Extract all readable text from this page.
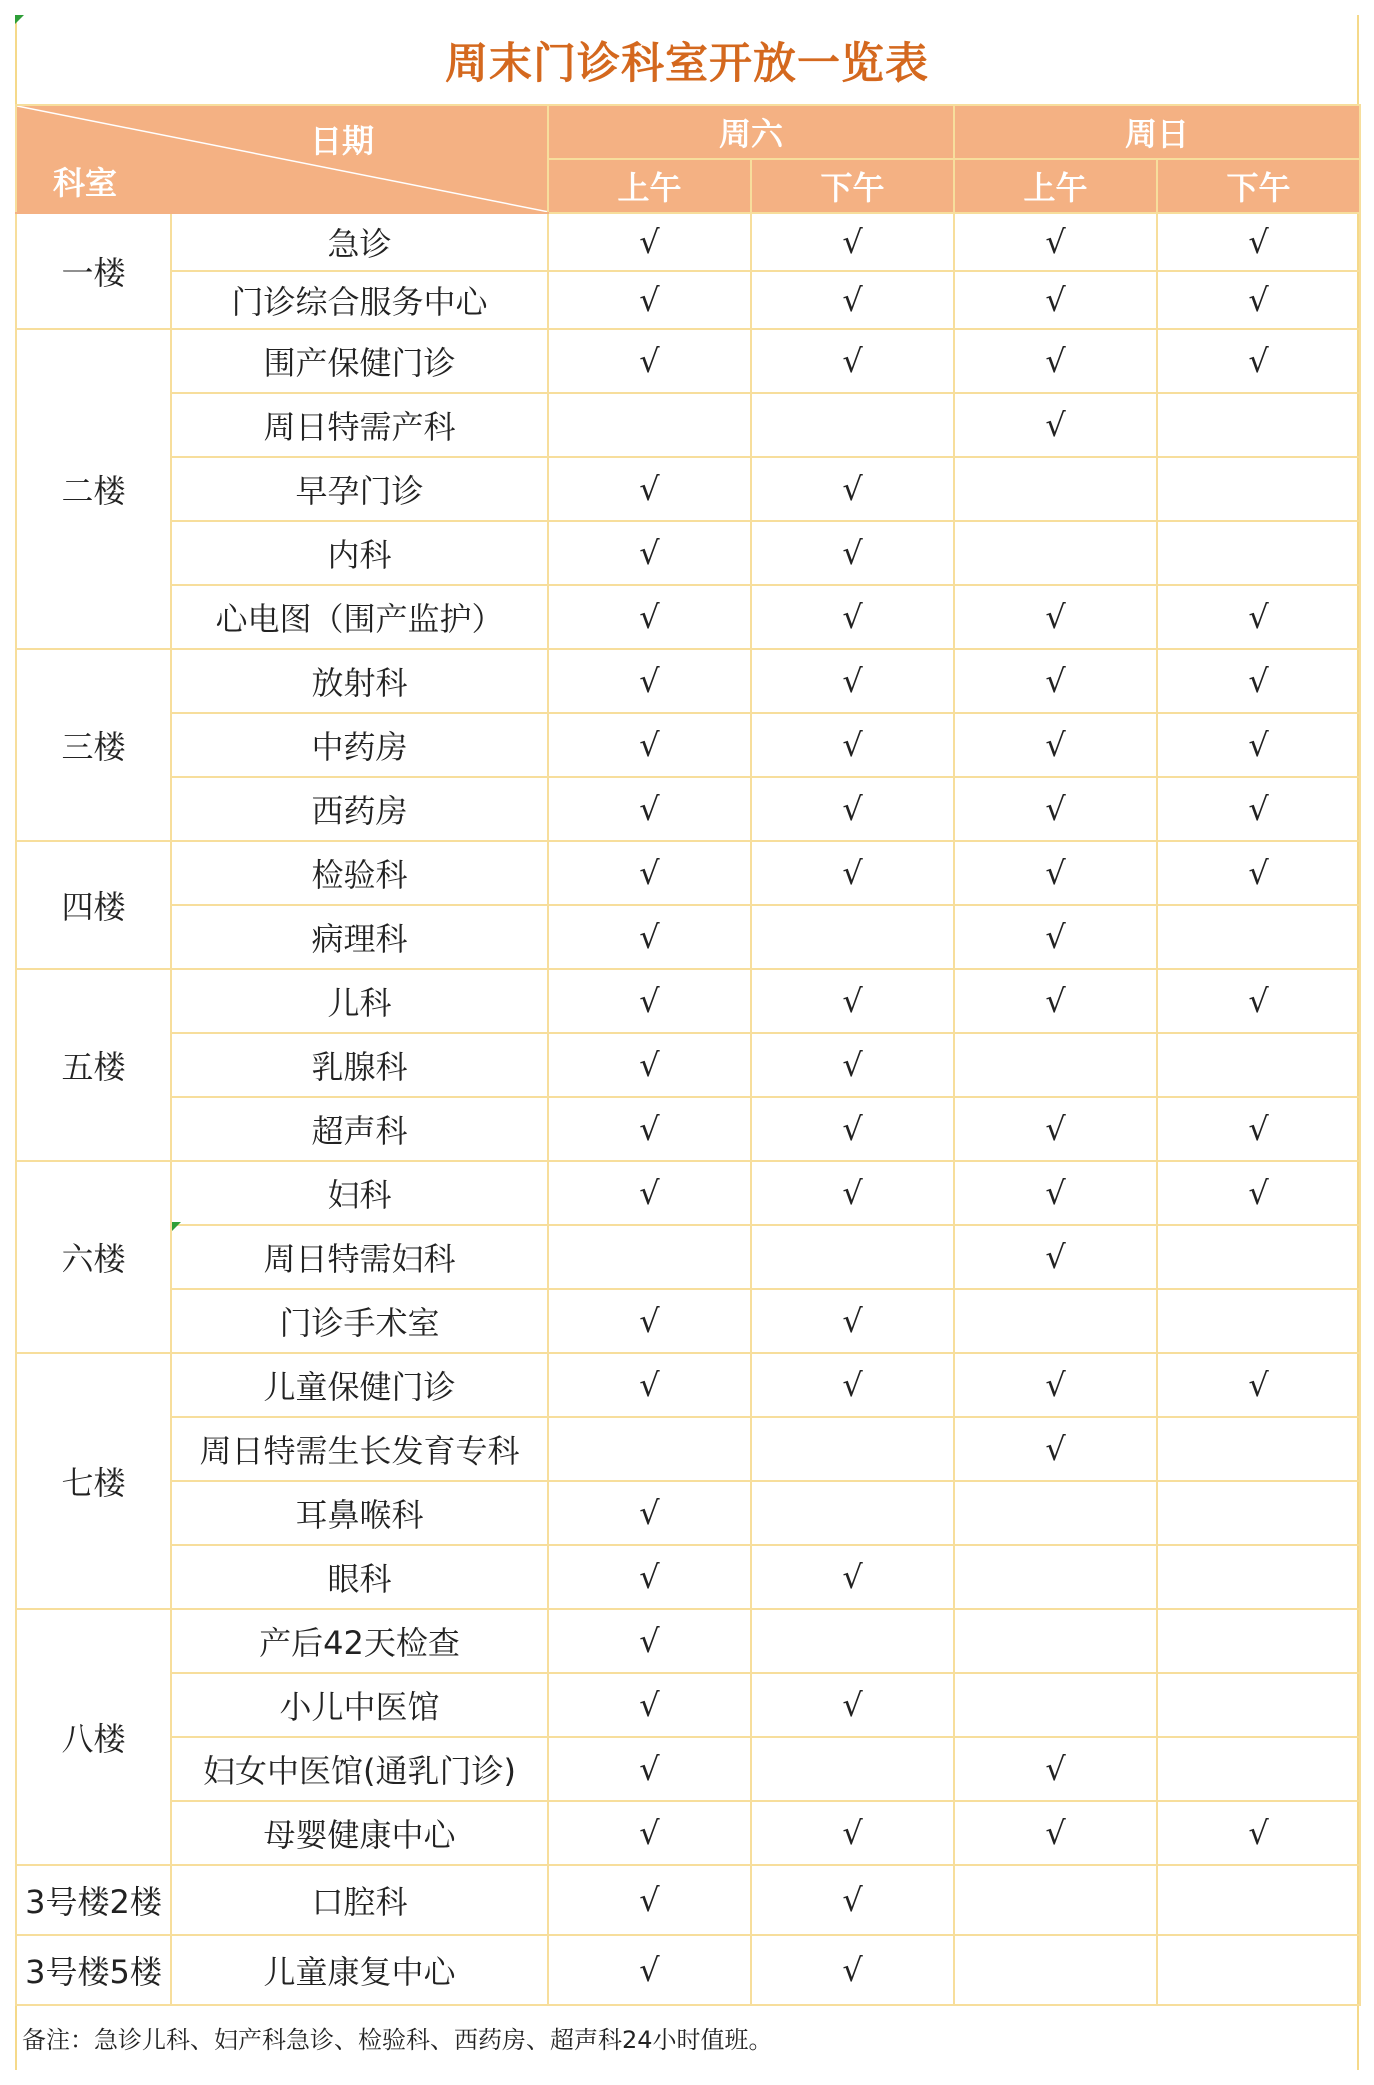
周末门诊科室开放一览表
日期
科室		周六		周日	
		上午	下午	上午	下午
一楼	急诊	√	√	√	√
	门诊综合服务中心	√	√	√	√
二楼	围产保健门诊	√	√	√	√
	周日特需产科			√	
	早孕门诊	√	√		
	内科	√	√		
	心电图（围产监护）	√	√	√	√
三楼	放射科	√	√	√	√
	中药房	√	√	√	√
	西药房	√	√	√	√
四楼	检验科	√	√	√	√
	病理科	√		√	
五楼	儿科	√	√	√	√
	乳腺科	√	√		
	超声科	√	√	√	√
六楼	妇科	√	√	√	√
	周日特需妇科			√	
	门诊手术室	√	√		
七楼	儿童保健门诊	√	√	√	√
	周日特需生长发育专科			√	
	耳鼻喉科	√			
	眼科	√	√		
八楼	产后42天检查	√			
	小儿中医馆	√	√		
	妇女中医馆(通乳门诊)	√		√	
	母婴健康中心	√	√	√	√
3号楼2楼	口腔科	√	√		
3号楼5楼	儿童康复中心	√	√		
备注：急诊儿科、妇产科急诊、检验科、西药房、超声科24小时值班。
